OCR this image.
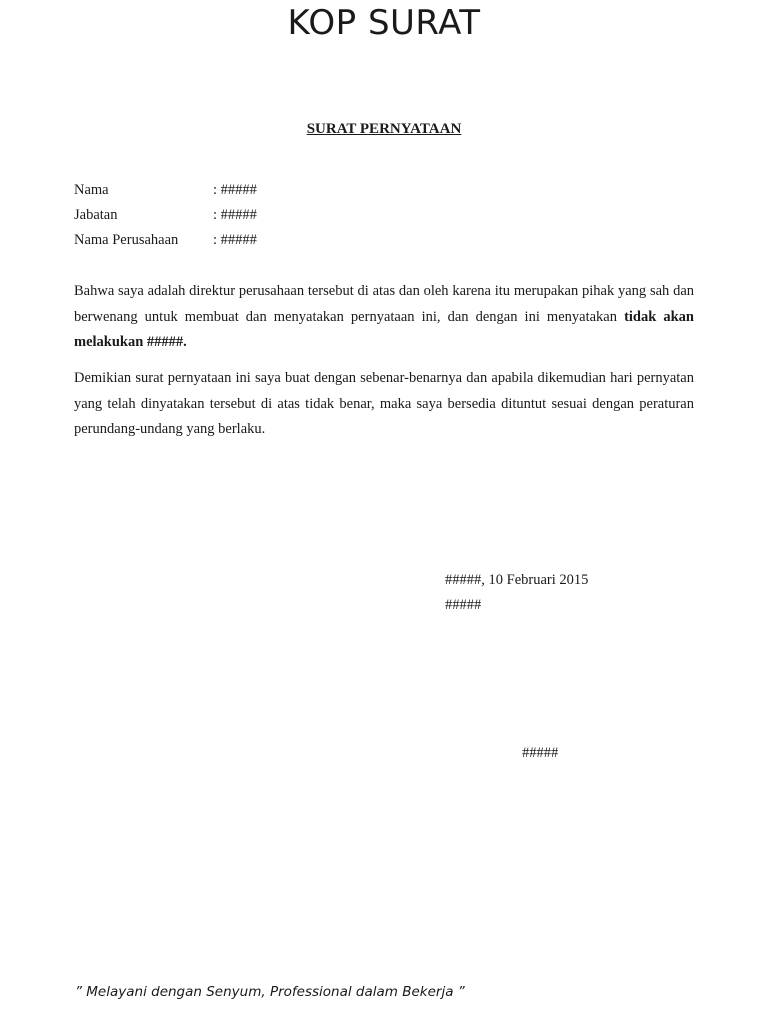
KOP SURAT
SURAT PERNYATAAN
Nama	: #####
Jabatan	: #####
Nama Perusahaan : #####

Bahwa saya adalah direktur perusahaan tersebut di atas dan oleh karena itu merupakan pihak yang sah dan berwenang untuk membuat dan menyatakan pernyataan ini, dan dengan ini menyatakan tidak akan melakukan #####.

Demikian surat pernyataan ini saya buat dengan sebenar-benarnya dan apabila dikemudian hari pernyatan yang telah dinyatakan tersebut di atas tidak benar, maka saya bersedia dituntut sesuai dengan peraturan perundang-undang yang berlaku.

#####, 10 Februari 2015
#####
#####
” Melayani dengan Senyum, Professional dalam Bekerja ”
